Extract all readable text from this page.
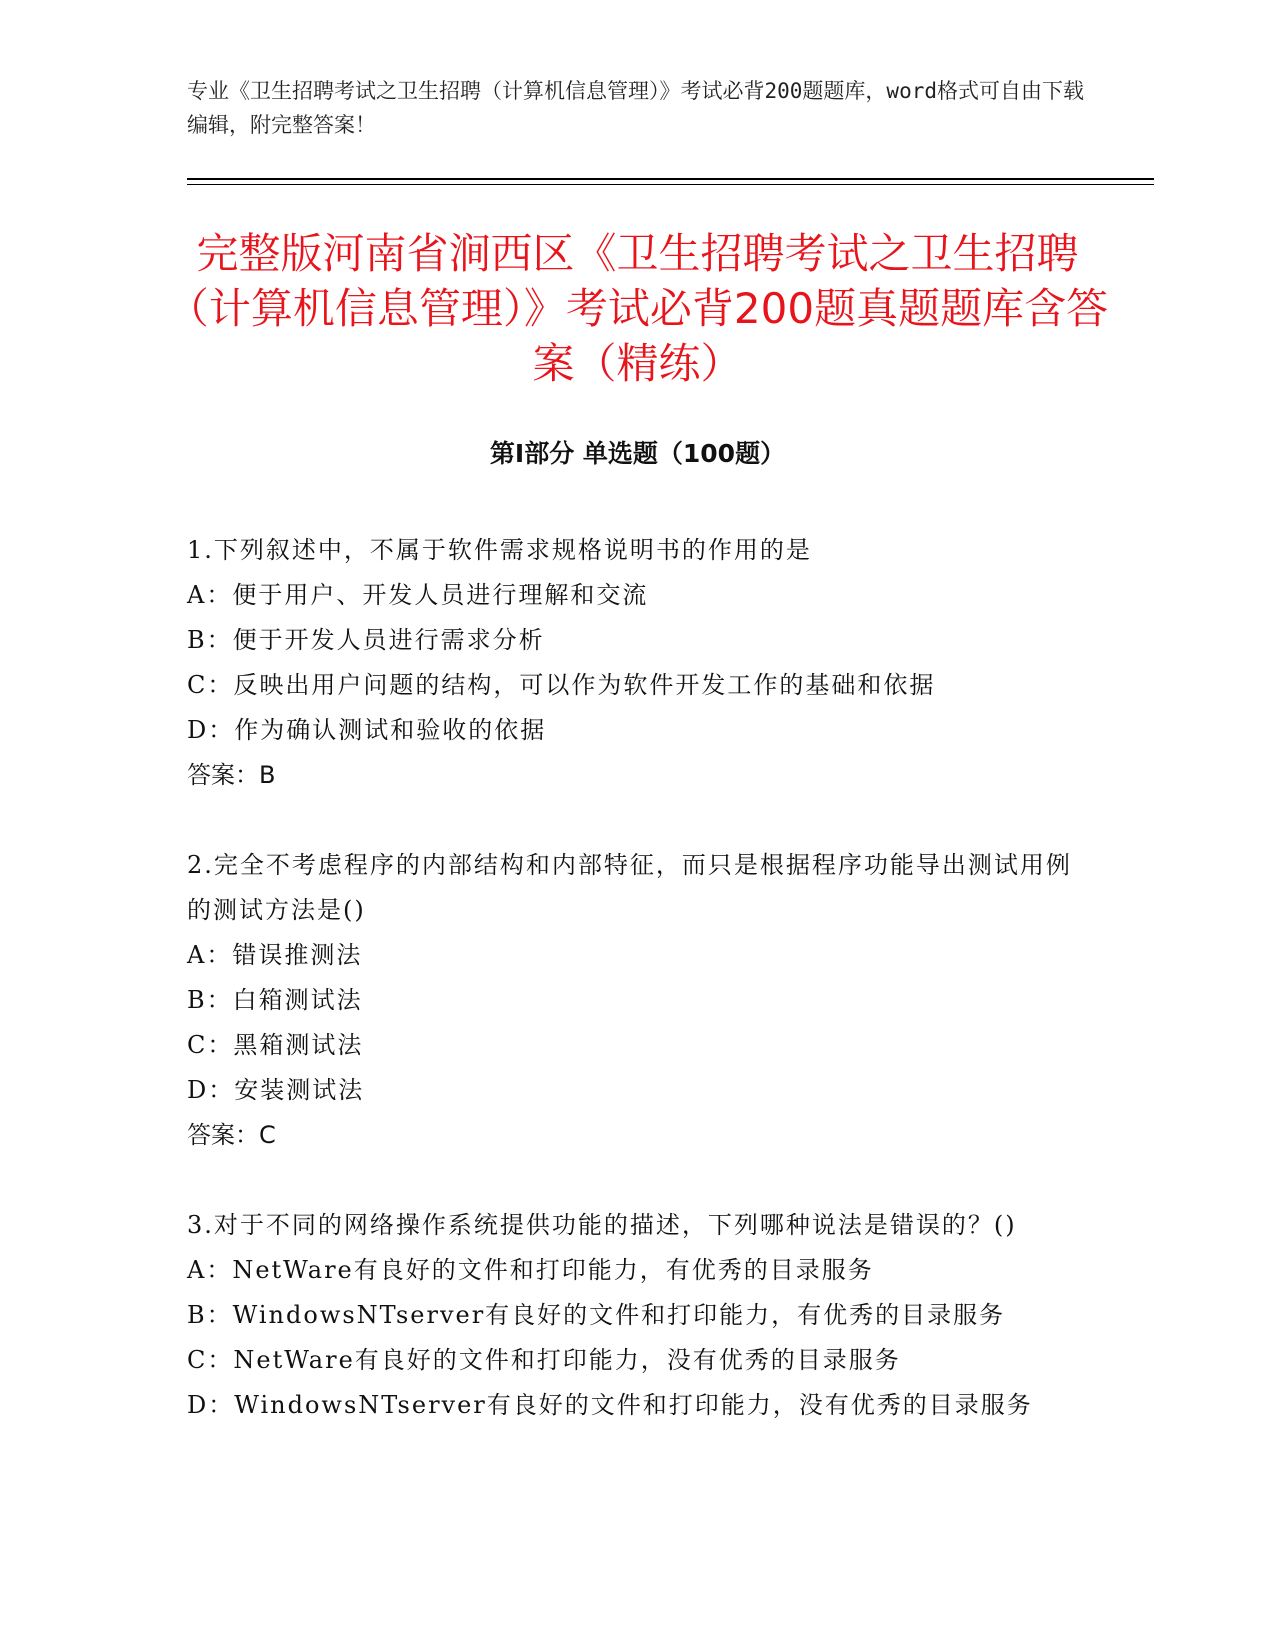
专业《卫生招聘考试之卫生招聘（计算机信息管理）》考试必背200题题库，word格式可自由下载编辑，附完整答案！
完整版河南省涧西区《卫生招聘考试之卫生招聘（计算机信息管理）》考试必背200题真题题库含答案（精练）
第Ⅰ部分 单选题（100题）
1.下列叙述中，不属于软件需求规格说明书的作用的是
A：便于用户、开发人员进行理解和交流
B：便于开发人员进行需求分析
C：反映出用户问题的结构，可以作为软件开发工作的基础和依据
D：作为确认测试和验收的依据
答案：B
2.完全不考虑程序的内部结构和内部特征，而只是根据程序功能导出测试用例的测试方法是()
A：错误推测法
B：白箱测试法
C：黑箱测试法
D：安装测试法
答案：C
3.对于不同的网络操作系统提供功能的描述，下列哪种说法是错误的？()
A：NetWare有良好的文件和打印能力，有优秀的目录服务
B：WindowsNTserver有良好的文件和打印能力，有优秀的目录服务
C：NetWare有良好的文件和打印能力，没有优秀的目录服务
D：WindowsNTserver有良好的文件和打印能力，没有优秀的目录服务
